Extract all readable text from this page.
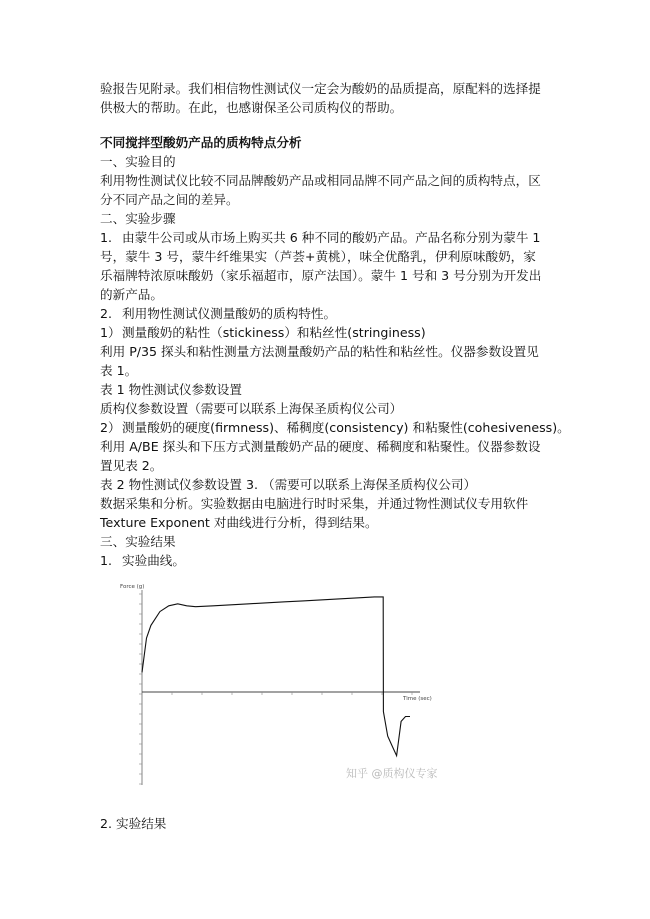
验报告见附录。我们相信物性测试仪一定会为酸奶的品质提高，原配料的选择提
供极大的帮助。在此，也感谢保圣公司质构仪的帮助。
不同搅拌型酸奶产品的质构特点分析
一、实验目的
利用物性测试仪比较不同品牌酸奶产品或相同品牌不同产品之间的质构特点，区
分不同产品之间的差异。
二、实验步骤
1. 由蒙牛公司或从市场上购买共 6 种不同的酸奶产品。产品名称分别为蒙牛 1
号，蒙牛 3 号，蒙牛纤维果实（芦荟+黄桃），味全优酪乳，伊利原味酸奶，家
乐福牌特浓原味酸奶（家乐福超市，原产法国）。蒙牛 1 号和 3 号分别为开发出
的新产品。
2. 利用物性测试仪测量酸奶的质构特性。
1）测量酸奶的粘性（stickiness）和粘丝性(stringiness)
利用 P/35 探头和粘性测量方法测量酸奶产品的粘性和粘丝性。仪器参数设置见
表 1。
表 1 物性测试仪参数设置
质构仪参数设置（需要可以联系上海保圣质构仪公司）
2）测量酸奶的硬度(firmness)、稀稠度(consistency) 和粘聚性(cohesiveness)。
利用 A/BE 探头和下压方式测量酸奶产品的硬度、稀稠度和粘聚性。仪器参数设
置见表 2。
表 2 物性测试仪参数设置 3. （需要可以联系上海保圣质构仪公司）
数据采集和分析。实验数据由电脑进行时时采集，并通过物性测试仪专用软件
Texture Exponent 对曲线进行分析，得到结果。
三、实验结果
1. 实验曲线。
Force (g)
Time (sec)
知乎 @质构仪专家
2. 实验结果
